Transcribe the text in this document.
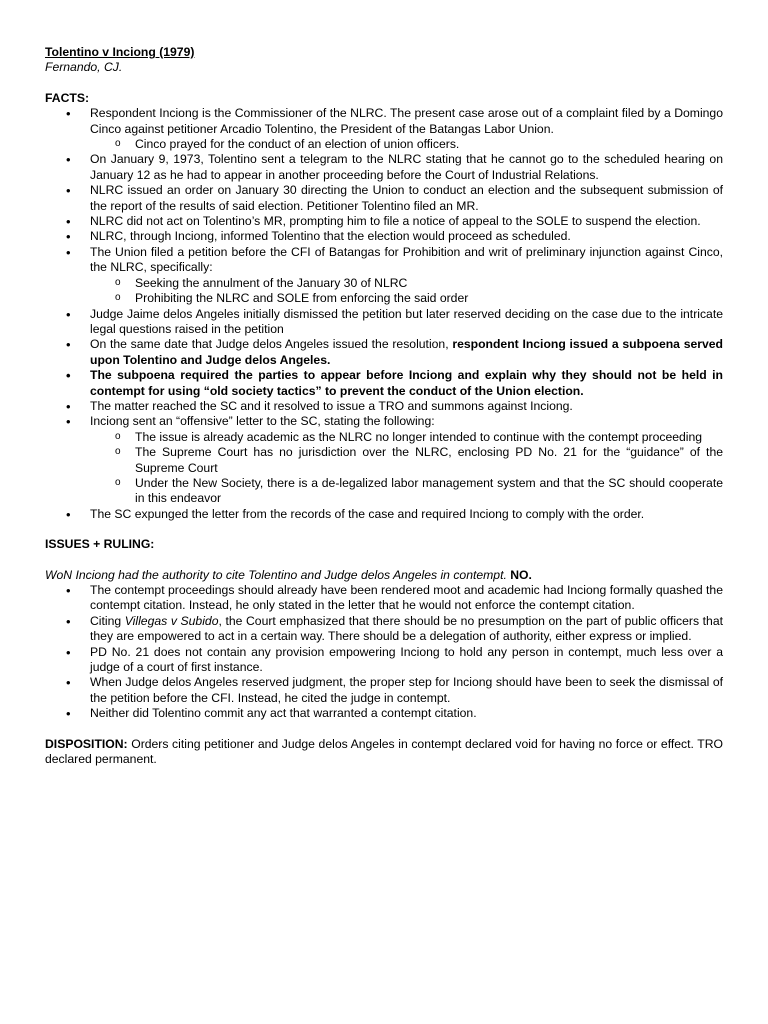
Tolentino v Inciong (1979)
Fernando, CJ.
FACTS:
• Respondent Inciong is the Commissioner of the NLRC. The present case arose out of a complaint filed by a Domingo Cinco against petitioner Arcadio Tolentino, the President of the Batangas Labor Union.
o Cinco prayed for the conduct of an election of union officers.
• On January 9, 1973, Tolentino sent a telegram to the NLRC stating that he cannot go to the scheduled hearing on January 12 as he had to appear in another proceeding before the Court of Industrial Relations.
• NLRC issued an order on January 30 directing the Union to conduct an election and the subsequent submission of the report of the results of said election. Petitioner Tolentino filed an MR.
• NLRC did not act on Tolentino’s MR, prompting him to file a notice of appeal to the SOLE to suspend the election.
• NLRC, through Inciong, informed Tolentino that the election would proceed as scheduled.
• The Union filed a petition before the CFI of Batangas for Prohibition and writ of preliminary injunction against Cinco, the NLRC, specifically:
o Seeking the annulment of the January 30 of NLRC
o Prohibiting the NLRC and SOLE from enforcing the said order
• Judge Jaime delos Angeles initially dismissed the petition but later reserved deciding on the case due to the intricate legal questions raised in the petition
• On the same date that Judge delos Angeles issued the resolution, respondent Inciong issued a subpoena served upon Tolentino and Judge delos Angeles.
• The subpoena required the parties to appear before Inciong and explain why they should not be held in contempt for using “old society tactics” to prevent the conduct of the Union election.
• The matter reached the SC and it resolved to issue a TRO and summons against Inciong.
• Inciong sent an “offensive” letter to the SC, stating the following:
o The issue is already academic as the NLRC no longer intended to continue with the contempt proceeding
o The Supreme Court has no jurisdiction over the NLRC, enclosing PD No. 21 for the “guidance” of the Supreme Court
o Under the New Society, there is a de-legalized labor management system and that the SC should cooperate in this endeavor
• The SC expunged the letter from the records of the case and required Inciong to comply with the order.
ISSUES + RULING:
WoN Inciong had the authority to cite Tolentino and Judge delos Angeles in contempt. NO.
• The contempt proceedings should already have been rendered moot and academic had Inciong formally quashed the contempt citation. Instead, he only stated in the letter that he would not enforce the contempt citation.
• Citing Villegas v Subido, the Court emphasized that there should be no presumption on the part of public officers that they are empowered to act in a certain way. There should be a delegation of authority, either express or implied.
• PD No. 21 does not contain any provision empowering Inciong to hold any person in contempt, much less over a judge of a court of first instance.
• When Judge delos Angeles reserved judgment, the proper step for Inciong should have been to seek the dismissal of the petition before the CFI. Instead, he cited the judge in contempt.
• Neither did Tolentino commit any act that warranted a contempt citation.
DISPOSITION: Orders citing petitioner and Judge delos Angeles in contempt declared void for having no force or effect. TRO declared permanent.
